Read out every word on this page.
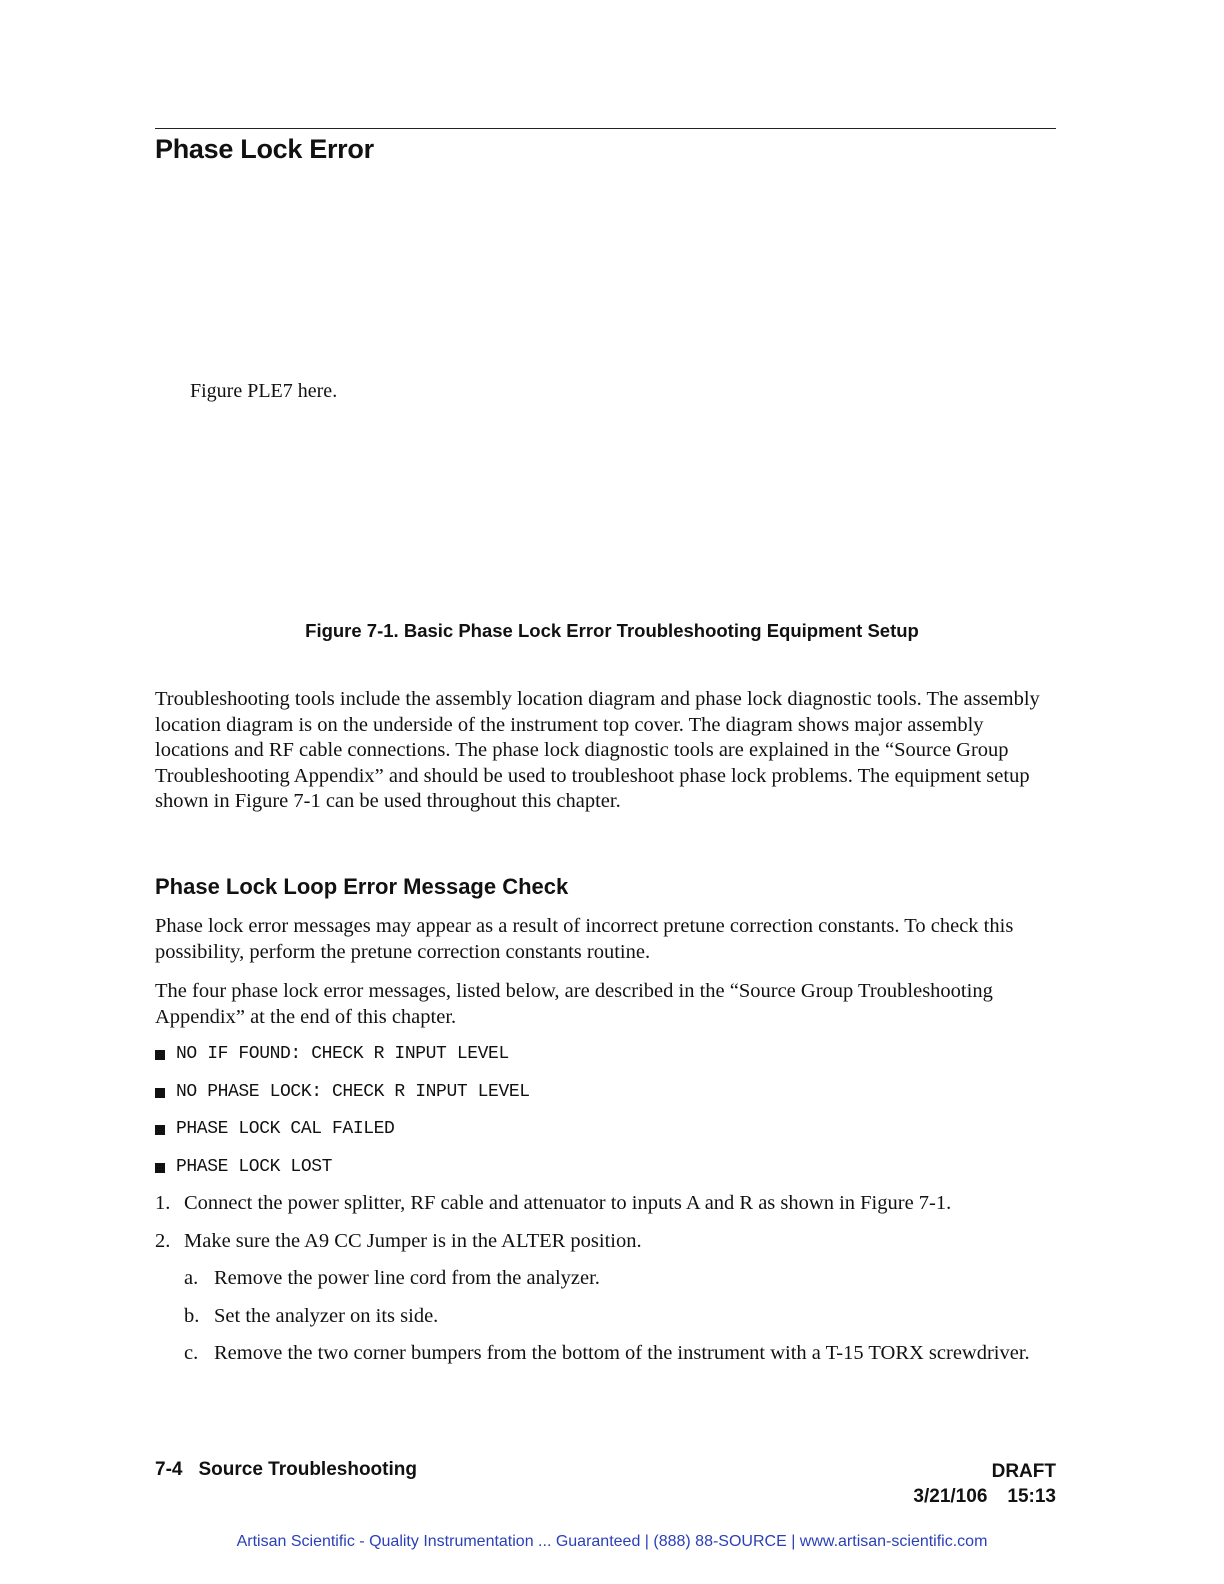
Phase Lock Error
Figure PLE7 here.
Figure 7-1. Basic Phase Lock Error Troubleshooting Equipment Setup
Troubleshooting tools include the assembly location diagram and phase lock diagnostic tools. The assembly location diagram is on the underside of the instrument top cover. The diagram shows major assembly locations and RF cable connections. The phase lock diagnostic tools are explained in the “Source Group Troubleshooting Appendix” and should be used to troubleshoot phase lock problems. The equipment setup shown in Figure 7-1 can be used throughout this chapter.
Phase Lock Loop Error Message Check
Phase lock error messages may appear as a result of incorrect pretune correction constants. To check this possibility, perform the pretune correction constants routine.
The four phase lock error messages, listed below, are described in the “Source Group Troubleshooting Appendix” at the end of this chapter.
NO IF FOUND: CHECK R INPUT LEVEL
NO PHASE LOCK: CHECK R INPUT LEVEL
PHASE LOCK CAL FAILED
PHASE LOCK LOST
1. Connect the power splitter, RF cable and attenuator to inputs A and R as shown in Figure 7-1.
2. Make sure the A9 CC Jumper is in the ALTER position.
a. Remove the power line cord from the analyzer.
b. Set the analyzer on its side.
c. Remove the two corner bumpers from the bottom of the instrument with a T-15 TORX screwdriver.
7-4 Source Troubleshooting	DRAFT
3/21/106 15:13
Artisan Scientific - Quality Instrumentation ... Guaranteed | (888) 88-SOURCE | www.artisan-scientific.com
